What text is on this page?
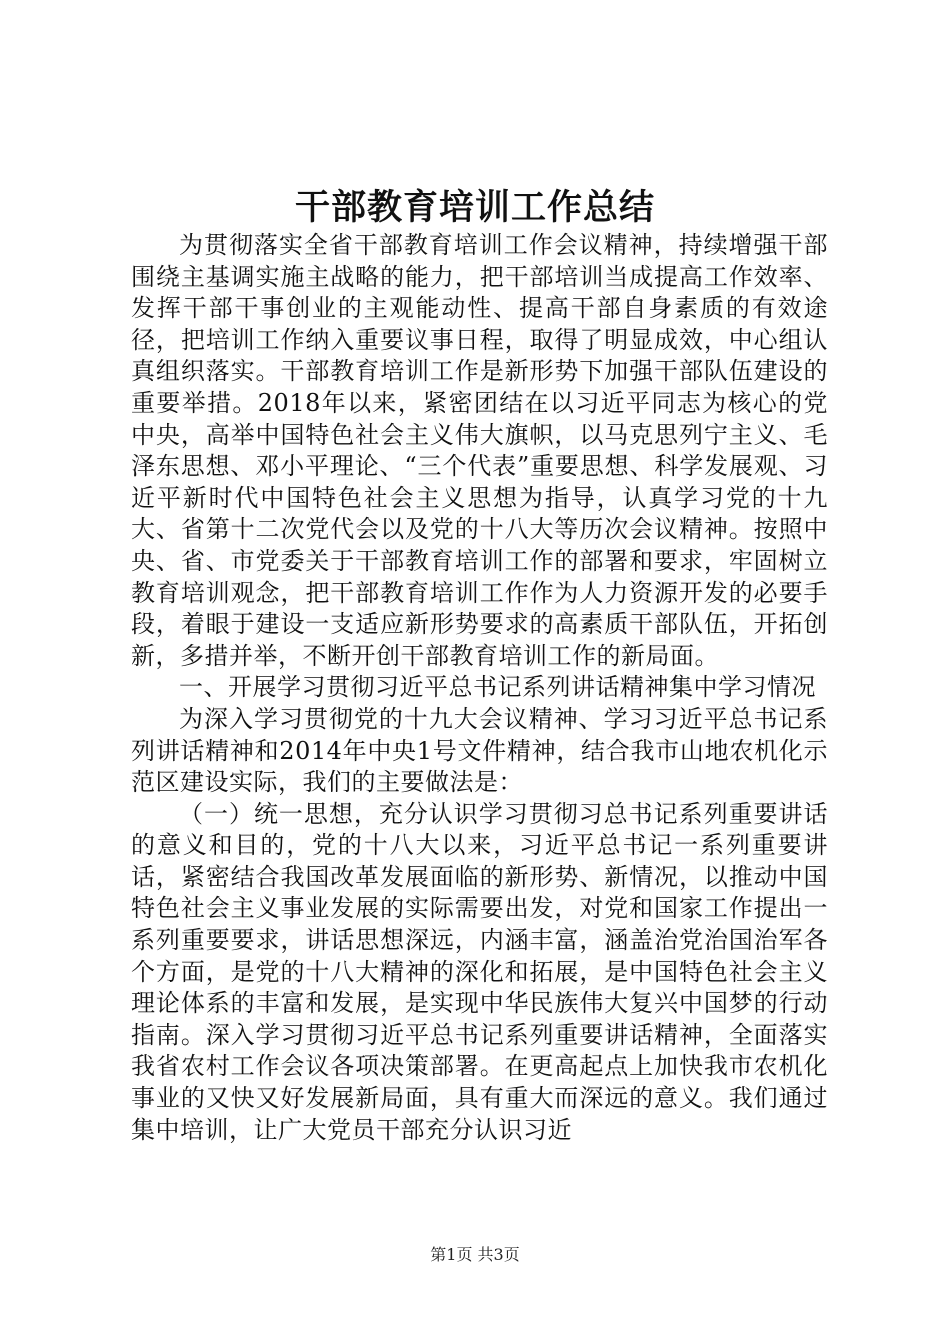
干部教育培训工作总结

为贯彻落实全省干部教育培训工作会议精神，持续增强干部围绕主基调实施主战略的能力，把干部培训当成提高工作效率、发挥干部干事创业的主观能动性、提高干部自身素质的有效途径，把培训工作纳入重要议事日程，取得了明显成效，中心组认真组织落实。干部教育培训工作是新形势下加强干部队伍建设的重要举措。2018年以来，紧密团结在以习近平同志为核心的党中央，高举中国特色社会主义伟大旗帜，以马克思列宁主义、毛泽东思想、邓小平理论、“三个代表”重要思想、科学发展观、习近平新时代中国特色社会主义思想为指导，认真学习党的十九大、省第十二次党代会以及党的十八大等历次会议精神。按照中央、省、市党委关于干部教育培训工作的部署和要求，牢固树立教育培训观念，把干部教育培训工作作为人力资源开发的必要手段，着眼于建设一支适应新形势要求的高素质干部队伍，开拓创新，多措并举，不断开创干部教育培训工作的新局面。

一、开展学习贯彻习近平总书记系列讲话精神集中学习情况

为深入学习贯彻党的十九大会议精神、学习习近平总书记系列讲话精神和2014年中央1号文件精神，结合我市山地农机化示范区建设实际，我们的主要做法是：

（一）统一思想，充分认识学习贯彻习总书记系列重要讲话的意义和目的，党的十八大以来，习近平总书记一系列重要讲话，紧密结合我国改革发展面临的新形势、新情况，以推动中国特色社会主义事业发展的实际需要出发，对党和国家工作提出一系列重要要求，讲话思想深远，内涵丰富，涵盖治党治国治军各个方面，是党的十八大精神的深化和拓展，是中国特色社会主义理论体系的丰富和发展，是实现中华民族伟大复兴中国梦的行动指南。深入学习贯彻习近平总书记系列重要讲话精神，全面落实我省农村工作会议各项决策部署。在更高起点上加快我市农机化事业的又快又好发展新局面，具有重大而深远的意义。我们通过集中培训，让广大党员干部充分认识习近

第1页 共3页
